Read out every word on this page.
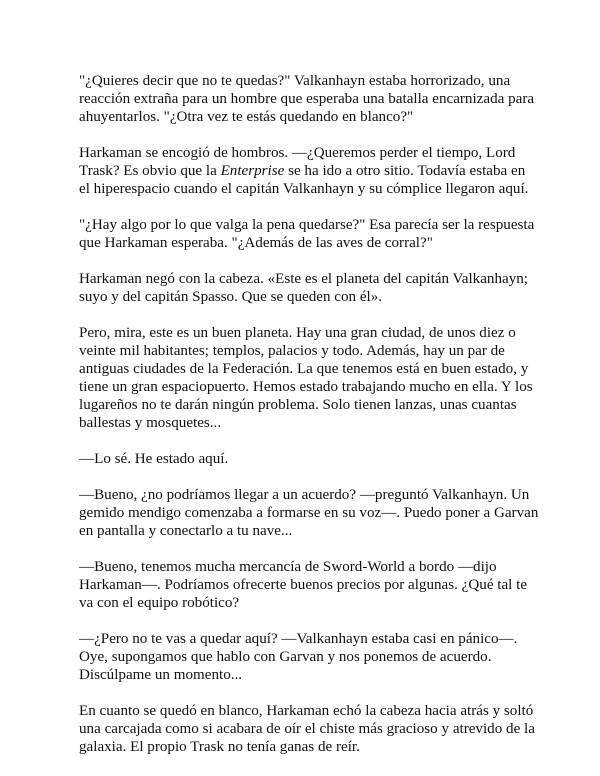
"¿Quieres decir que no te quedas?" Valkanhayn estaba horrorizado, una
reacción extraña para un hombre que esperaba una batalla encarnizada para
ahuyentarlos. "¿Otra vez te estás quedando en blanco?"

Harkaman se encogió de hombros. —¿Queremos perder el tiempo, Lord
Trask? Es obvio que la Enterprise se ha ido a otro sitio. Todavía estaba en
el hiperespacio cuando el capitán Valkanhayn y su cómplice llegaron aquí.

"¿Hay algo por lo que valga la pena quedarse?" Esa parecía ser la respuesta
que Harkaman esperaba. "¿Además de las aves de corral?"

Harkaman negó con la cabeza. «Este es el planeta del capitán Valkanhayn;
suyo y del capitán Spasso. Que se queden con él».

Pero, mira, este es un buen planeta. Hay una gran ciudad, de unos diez o
veinte mil habitantes; templos, palacios y todo. Además, hay un par de
antiguas ciudades de la Federación. La que tenemos está en buen estado, y
tiene un gran espaciopuerto. Hemos estado trabajando mucho en ella. Y los
lugareños no te darán ningún problema. Solo tienen lanzas, unas cuantas
ballestas y mosquetes...

—Lo sé. He estado aquí.

—Bueno, ¿no podríamos llegar a un acuerdo? —preguntó Valkanhayn. Un
gemido mendigo comenzaba a formarse en su voz—. Puedo poner a Garvan
en pantalla y conectarlo a tu nave...

—Bueno, tenemos mucha mercancía de Sword-World a bordo —dijo
Harkaman—. Podríamos ofrecerte buenos precios por algunas. ¿Qué tal te
va con el equipo robótico?

—¿Pero no te vas a quedar aquí? —Valkanhayn estaba casi en pánico—.
Oye, supongamos que hablo con Garvan y nos ponemos de acuerdo.
Discúlpame un momento...

En cuanto se quedó en blanco, Harkaman echó la cabeza hacia atrás y soltó
una carcajada como si acabara de oír el chiste más gracioso y atrevido de la
galaxia. El propio Trask no tenía ganas de reír.
